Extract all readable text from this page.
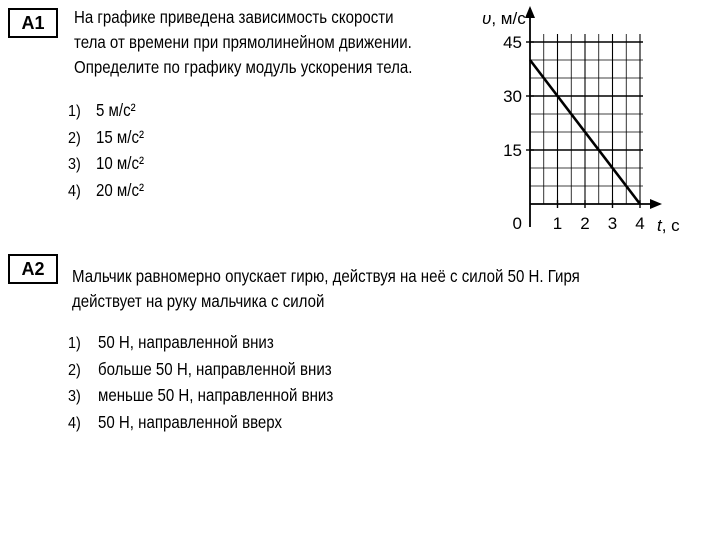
A1	На графике приведена зависимость скорости
тела от времени при прямолинейном движении.
Определите по графику модуль ускорения тела.

1) 5 м/с²
2) 15 м/с²
3) 10 м/с²
4) 20 м/с²
1 2 3 4
15
30
45
υ, м/с
t, с
0
A2	Мальчик равномерно опускает гирю, действуя на неё с силой 50 Н. Гиря
действует на руку мальчика с силой

1) 50 Н, направленной вниз
2) больше 50 Н, направленной вниз
3) меньше 50 Н, направленной вниз
4) 50 Н, направленной вверх
